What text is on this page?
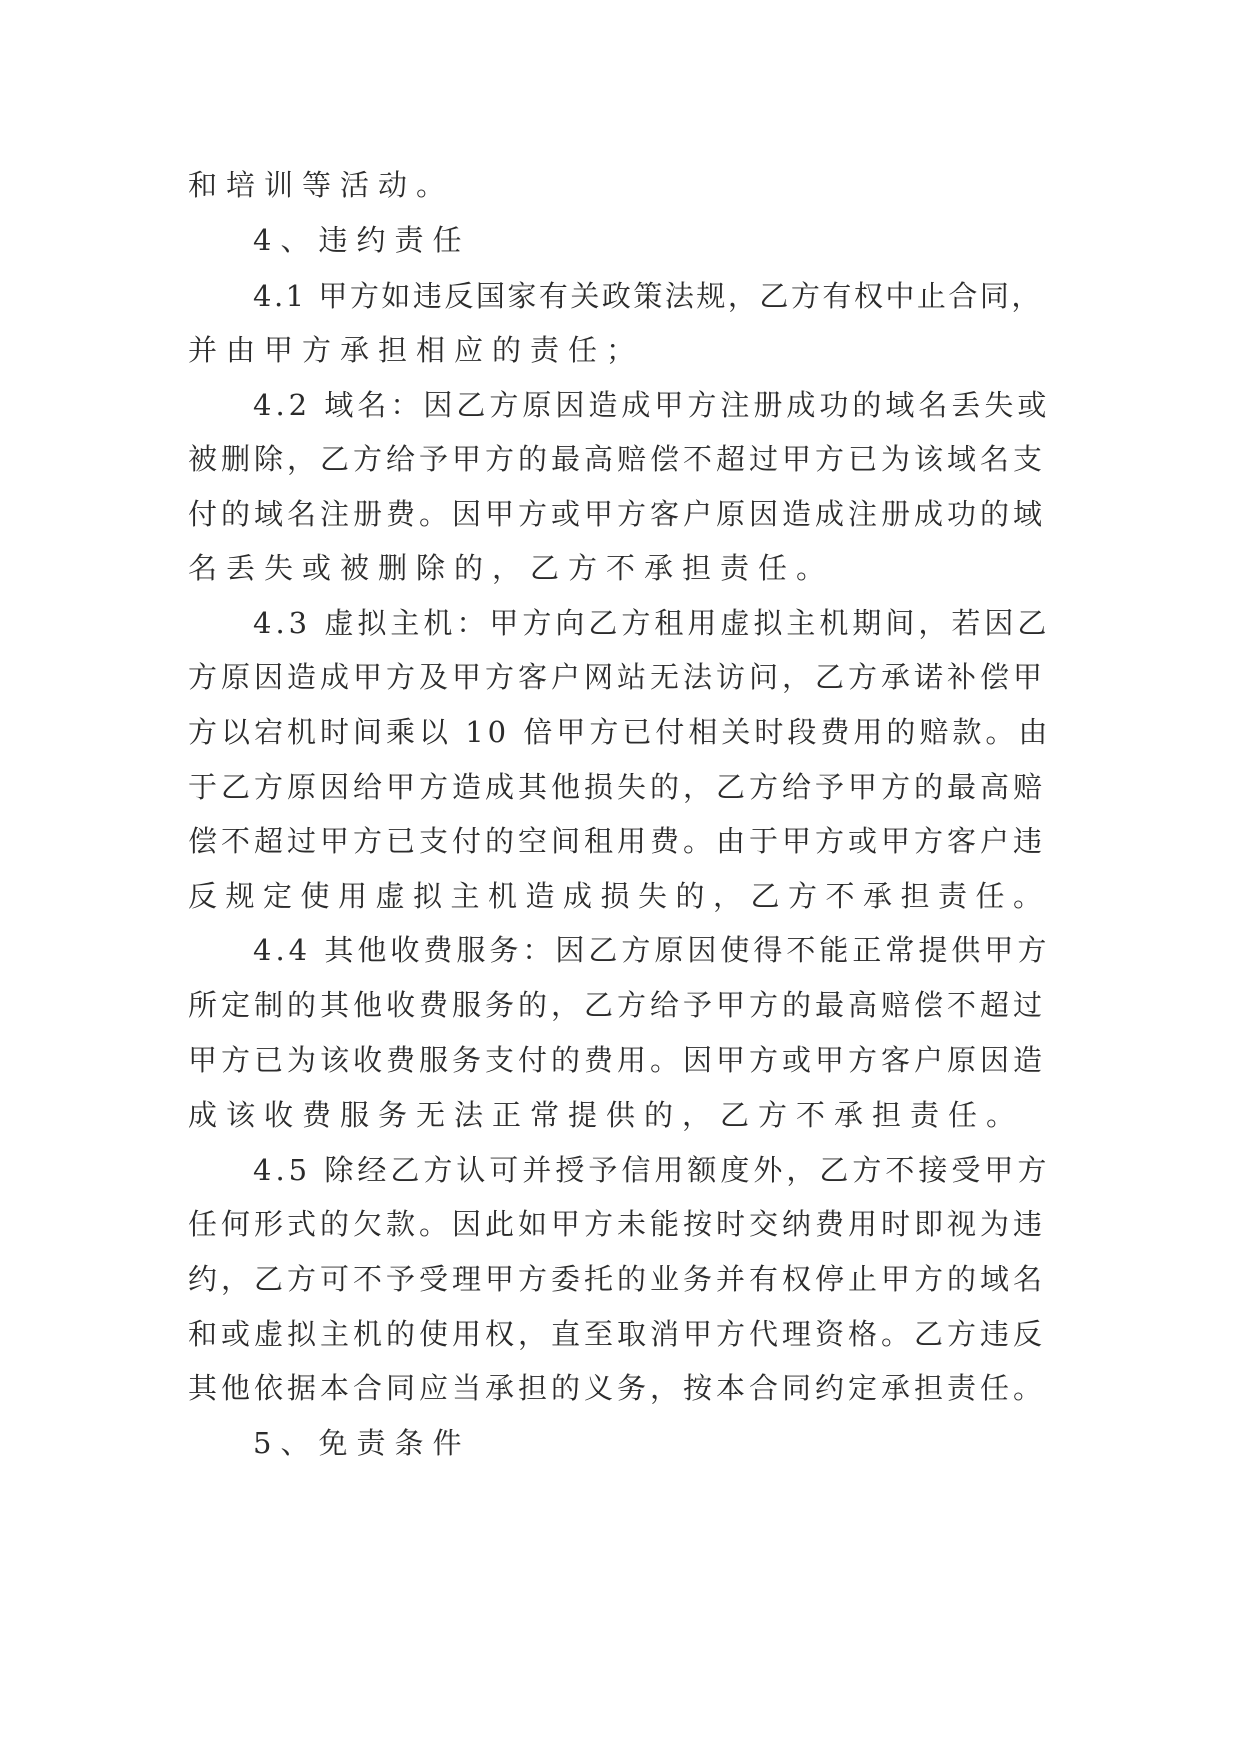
和培训等活动。
4、违约责任
4.1 甲方如违反国家有关政策法规，乙方有权中止合同，
并由甲方承担相应的责任；
4.2 域名：因乙方原因造成甲方注册成功的域名丢失或
被删除，乙方给予甲方的最高赔偿不超过甲方已为该域名支
付的域名注册费。因甲方或甲方客户原因造成注册成功的域
名丢失或被删除的，乙方不承担责任。
4.3 虚拟主机：甲方向乙方租用虚拟主机期间，若因乙
方原因造成甲方及甲方客户网站无法访问，乙方承诺补偿甲
方以宕机时间乘以 10 倍甲方已付相关时段费用的赔款。由
于乙方原因给甲方造成其他损失的，乙方给予甲方的最高赔
偿不超过甲方已支付的空间租用费。由于甲方或甲方客户违
反规定使用虚拟主机造成损失的，乙方不承担责任。
4.4 其他收费服务：因乙方原因使得不能正常提供甲方
所定制的其他收费服务的，乙方给予甲方的最高赔偿不超过
甲方已为该收费服务支付的费用。因甲方或甲方客户原因造
成该收费服务无法正常提供的，乙方不承担责任。
4.5 除经乙方认可并授予信用额度外，乙方不接受甲方
任何形式的欠款。因此如甲方未能按时交纳费用时即视为违
约，乙方可不予受理甲方委托的业务并有权停止甲方的域名
和或虚拟主机的使用权，直至取消甲方代理资格。乙方违反
其他依据本合同应当承担的义务，按本合同约定承担责任。
5、免责条件
